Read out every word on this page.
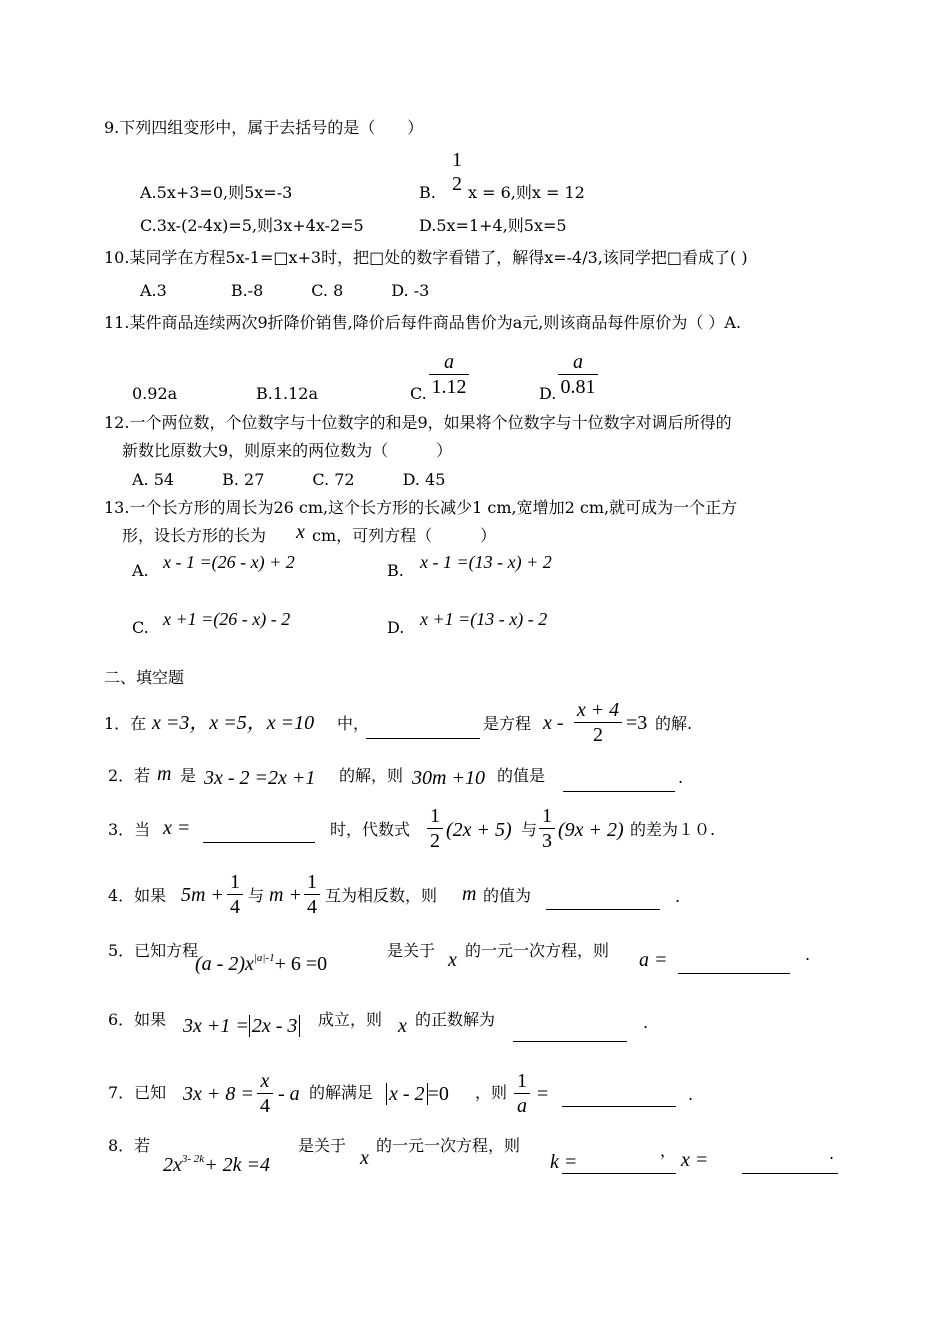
9.下列四组变形中，属于去括号的是（　　）
1
2
A.5x+3=0,则5x=-3	B. x = 6,则x = 12
C.3x-(2-4x)=5,则3x+4x-2=5	D.5x=1+4,则5x=5
10.某同学在方程5x-1=□x+3时，把□处的数字看错了，解得x=-4/3,该同学把□看成了( )
A.3　　　　B.-8　　　C. 8　　　D. -3
11.某件商品连续两次9折降价销售,降价后每件商品售价为a元,则该商品每件原价为（ ）A.
0.92a	B.1.12a	C. $\frac{a}{1.12}$	D. $\frac{a}{0.81}$
12.一个两位数，个位数字与十位数字的和是9，如果将个位数字与十位数字对调后所得的
新数比原数大9，则原来的两位数为（　　　）
A. 54　　　B. 27　　　C. 72　　　D. 45
13.一个长方形的周长为26 cm,这个长方形的长减少1 cm,宽增加2 cm,就可成为一个正方
形，设长方形的长为 x cm，可列方程（　　　）
A. x - 1 =(26 - x) + 2	B. x - 1 =(13 - x) + 2
C. x +1 =(26 - x) - 2	D. x +1 =(13 - x) - 2
二、填空题
1．在 x =3，x =5，x =10 中，	是方程 $x - \frac{x + 4}{2} =3$ 的解.
2．若 m 是 3x - 2 =2x +1 的解，则 30m +10 的值是	.
3．当 x =	时，代数式 $\frac{1}{2} (2x + 5)$ 与 $\frac{1}{3} (9x + 2)$ 的差为１０.
4．如果 $5m + \frac{1}{4}$ 与 $m + \frac{1}{4}$ 互为相反数，则 m 的值为	.
5．已知方程
$(a - 2)x^{|a|-1}+ 6 =0$
是关于 x 的一元一次方程，则 a =	.
6．如果 3x +1 = 2x - 3 成立，则 x 的正数解为	.
7．已知 $3x + 8 = \frac{x}{4} - a$ 的解满足 x - 2 =0 ，则 $\frac{1}{a}$ =	.
8．若
$2x^{3- 2k}+ 2k =4$
是关于
x
的一元一次方程，则
k =
， x =	.
